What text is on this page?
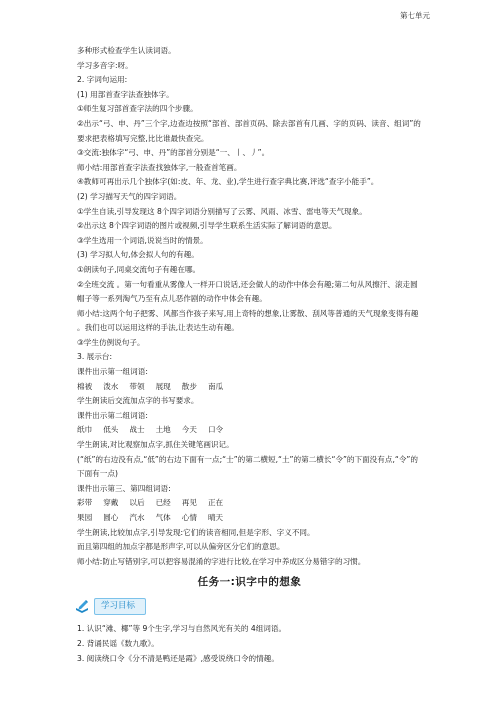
第七单元
多种形式检查学生认读词语。
学习多音字:呀。
2. 字词句运用:
(1) 用部首查字法查独体字。
①师生复习部首查字法的四个步骤。
②出示“弓、申、丹”三个字,边查边按照“部首、部首页码、除去部首有几画、字的页码、读音、组词”的要求把表格填写完整,比比谁最快查完。
③交流:独体字“弓、申、丹”的部首分别是“一、丨、丿”。
师小结:用部首查字法查找独体字,一般查首笔画。
④教师可再出示几个独体字(如:皮、年、龙、业),学生进行查字典比赛,评选“查字小能手”。
(2) 学习描写天气的四字词语。
①学生自读,引导发现这 8个四字词语分别描写了云雾、风雨、冰雪、雷电等天气现象。
②出示这 8个四字词语的图片或视频,引导学生联系生活实际了解词语的意思。
③学生选用一个词语,说说当时的情景。
(3) 学习拟人句,体会拟人句的有趣。
①朗读句子,同桌交流句子有趣在哪。
②全班交流 。第一句看重从雾像人一样开口说话,还会做人的动作中体会有趣;第二句从风擦汗、滚走圆帽子等一系列淘气乃至有点儿恶作剧的动作中体会有趣。
师小结:这两个句子把雾、风都当作孩子来写,用上奇特的想象,让雾散、刮风等普通的天气现象变得有趣 。我们也可以运用这样的手法,让表达生动有趣。
③学生仿例说句子。
3. 展示台:
课件出示第一组词语:
棉被 泼水 带领 展现 散步 南瓜
学生朗读后交流加点字的书写要求。
课件出示第二组词语:
纸巾 低头 战士 土地 今天 口令
学生朗读,对比观察加点字,抓住关键笔画识记。
(“纸”的右边没有点,“低”的右边下面有一点;“士”的第二横短,“土”的第二横长“令”的下面没有点,“令”的下面有一点)
课件出示第三、第四组词语:
彩带 穿戴 以后 已经 再见 正在
果园 圆心 汽水 气体 心情 晴天
学生朗读,比较加点字,引导发现:它们的读音相同,但是字形、字义不同。
而且第四组的加点字都是形声字,可以从偏旁区分它们的意思。
师小结:防止写错别字,可以把容易混淆的字进行比较,在学习中养成区分易错字的习惯。
任务一:识字中的想象
学习目标
1. 认识“滩、椰”等 9个生字,学习与自然风光有关的 4组词语。
2. 背诵民谣《数九歌》。
3. 阅读绕口令《分不清是鸭还是霞》,感受说绕口令的情趣。
